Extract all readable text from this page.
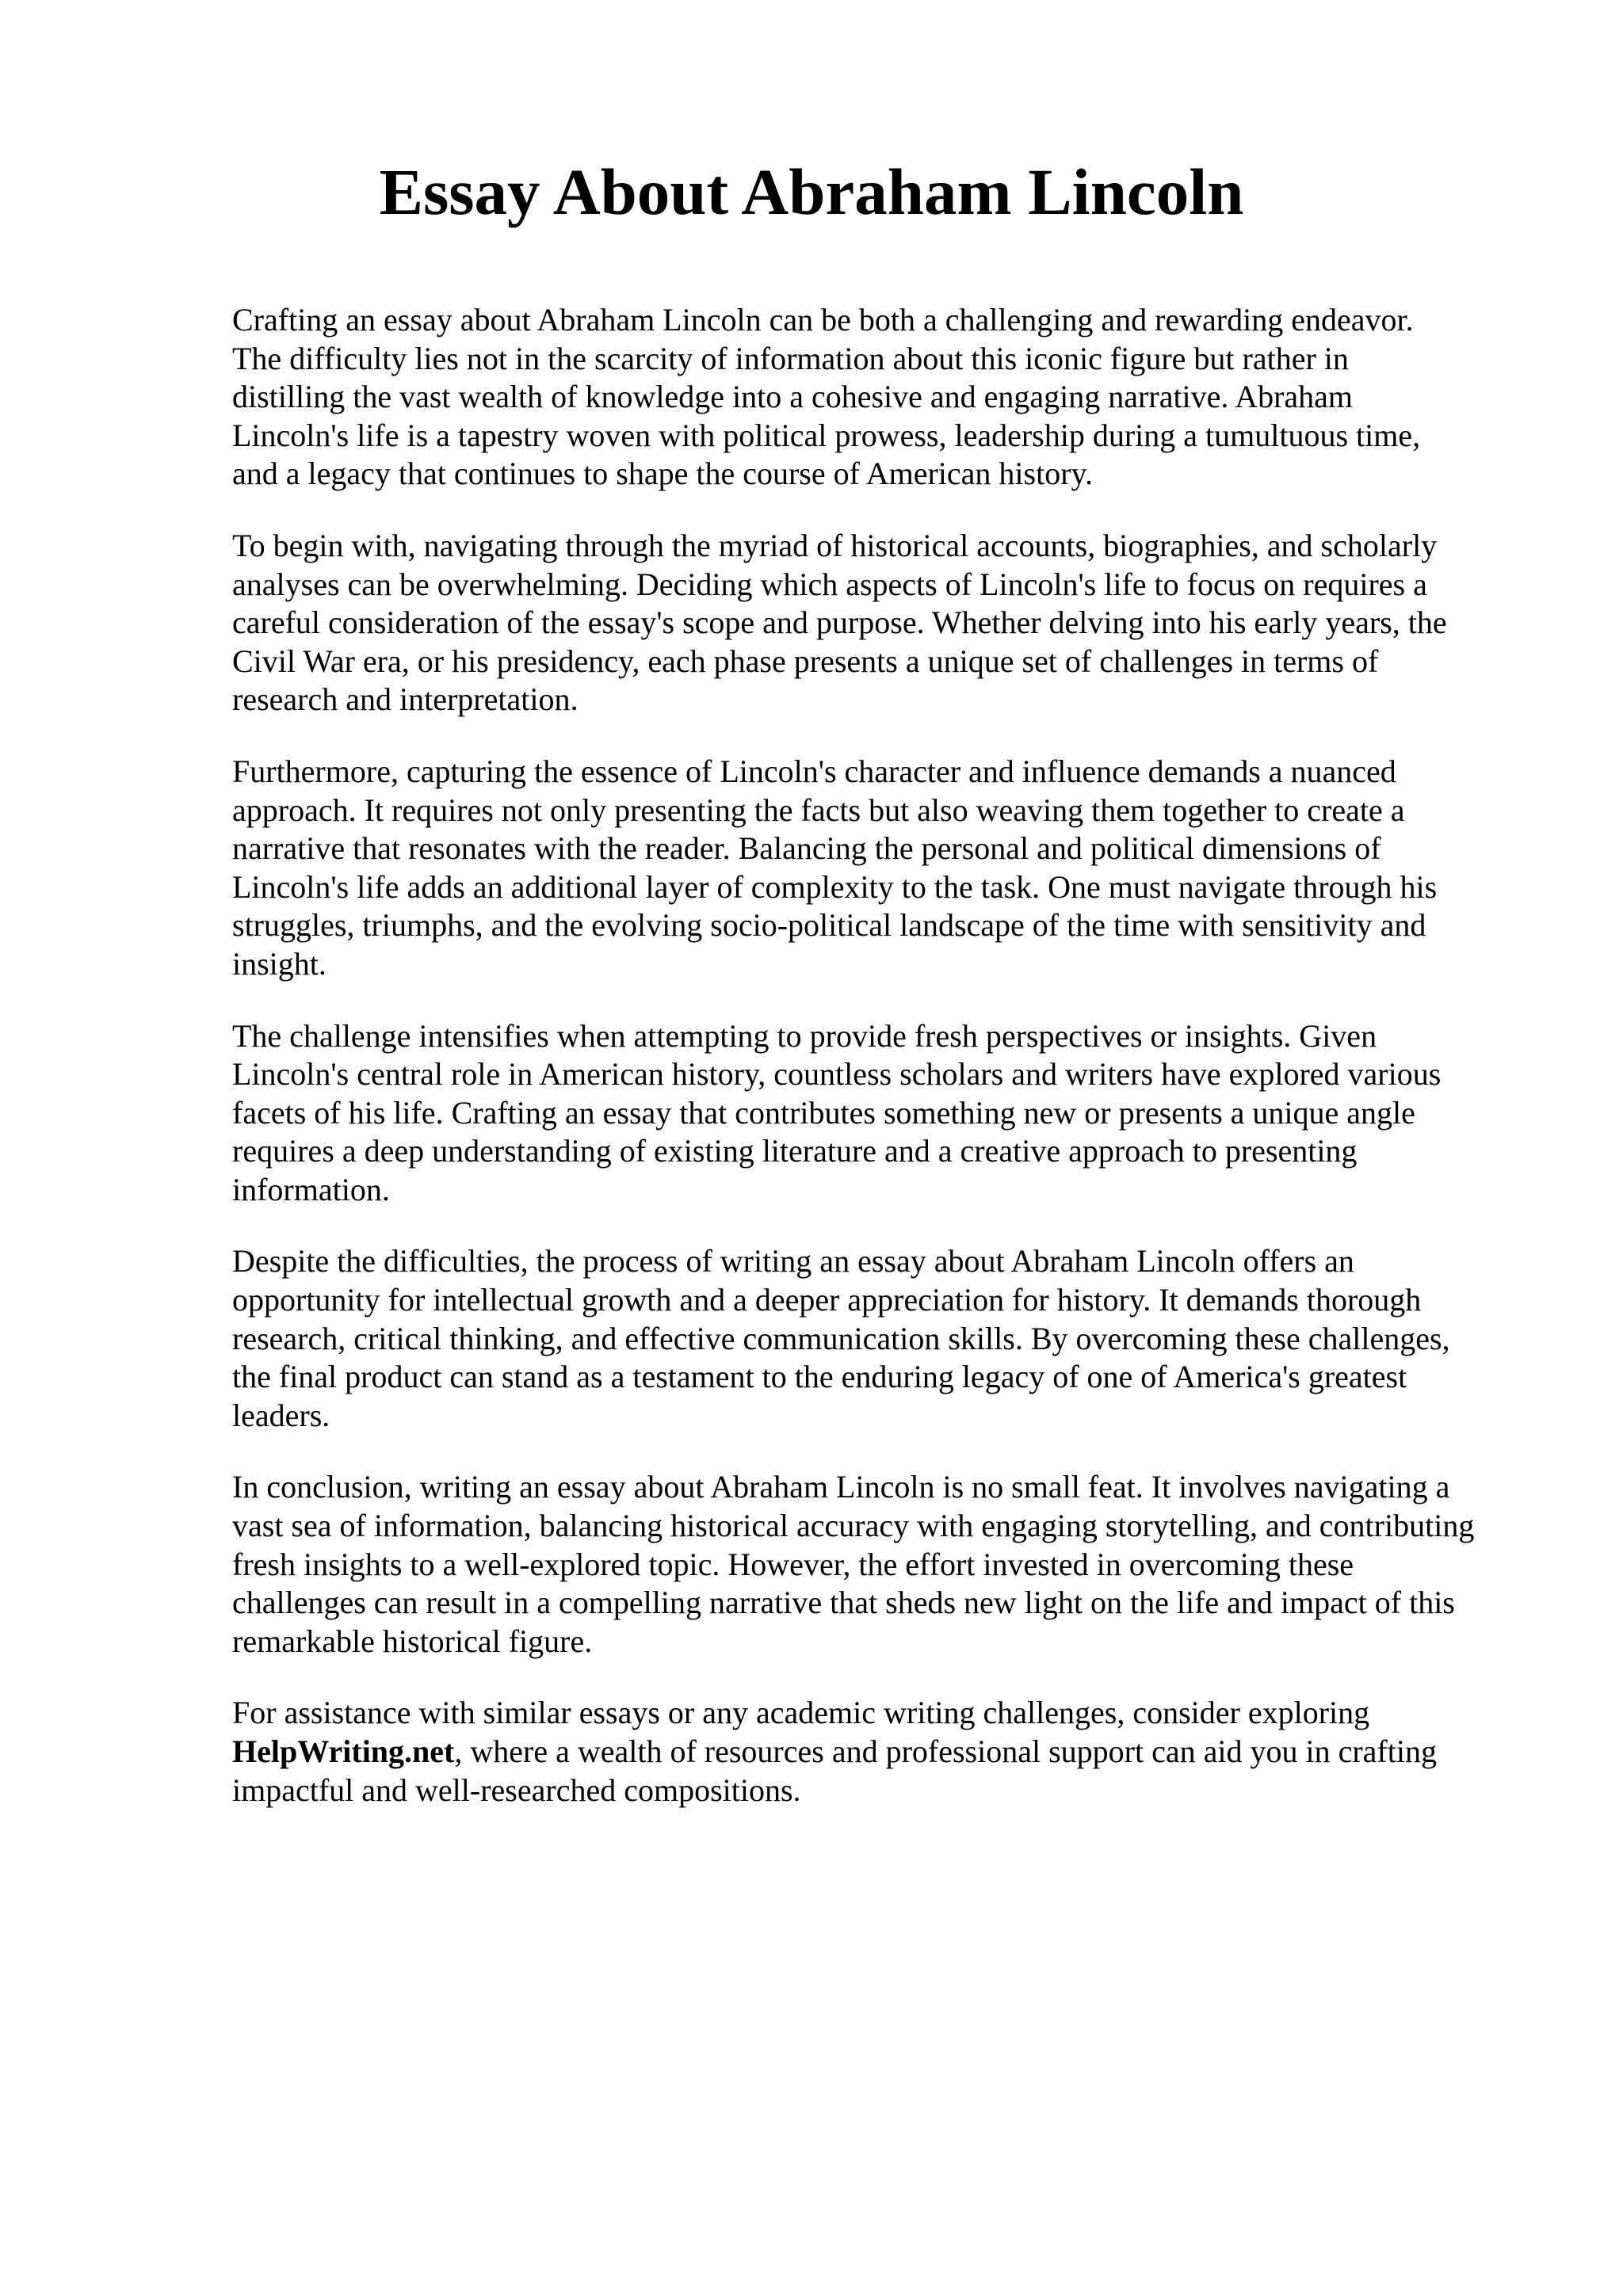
Essay About Abraham Lincoln

Crafting an essay about Abraham Lincoln can be both a challenging and rewarding endeavor.
The difficulty lies not in the scarcity of information about this iconic figure but rather in
distilling the vast wealth of knowledge into a cohesive and engaging narrative. Abraham
Lincoln's life is a tapestry woven with political prowess, leadership during a tumultuous time,
and a legacy that continues to shape the course of American history.

To begin with, navigating through the myriad of historical accounts, biographies, and scholarly
analyses can be overwhelming. Deciding which aspects of Lincoln's life to focus on requires a
careful consideration of the essay's scope and purpose. Whether delving into his early years, the
Civil War era, or his presidency, each phase presents a unique set of challenges in terms of
research and interpretation.

Furthermore, capturing the essence of Lincoln's character and influence demands a nuanced
approach. It requires not only presenting the facts but also weaving them together to create a
narrative that resonates with the reader. Balancing the personal and political dimensions of
Lincoln's life adds an additional layer of complexity to the task. One must navigate through his
struggles, triumphs, and the evolving socio-political landscape of the time with sensitivity and
insight.

The challenge intensifies when attempting to provide fresh perspectives or insights. Given
Lincoln's central role in American history, countless scholars and writers have explored various
facets of his life. Crafting an essay that contributes something new or presents a unique angle
requires a deep understanding of existing literature and a creative approach to presenting
information.

Despite the difficulties, the process of writing an essay about Abraham Lincoln offers an
opportunity for intellectual growth and a deeper appreciation for history. It demands thorough
research, critical thinking, and effective communication skills. By overcoming these challenges,
the final product can stand as a testament to the enduring legacy of one of America's greatest
leaders.

In conclusion, writing an essay about Abraham Lincoln is no small feat. It involves navigating a
vast sea of information, balancing historical accuracy with engaging storytelling, and contributing
fresh insights to a well-explored topic. However, the effort invested in overcoming these
challenges can result in a compelling narrative that sheds new light on the life and impact of this
remarkable historical figure.

For assistance with similar essays or any academic writing challenges, consider exploring
HelpWriting.net, where a wealth of resources and professional support can aid you in crafting
impactful and well-researched compositions.
